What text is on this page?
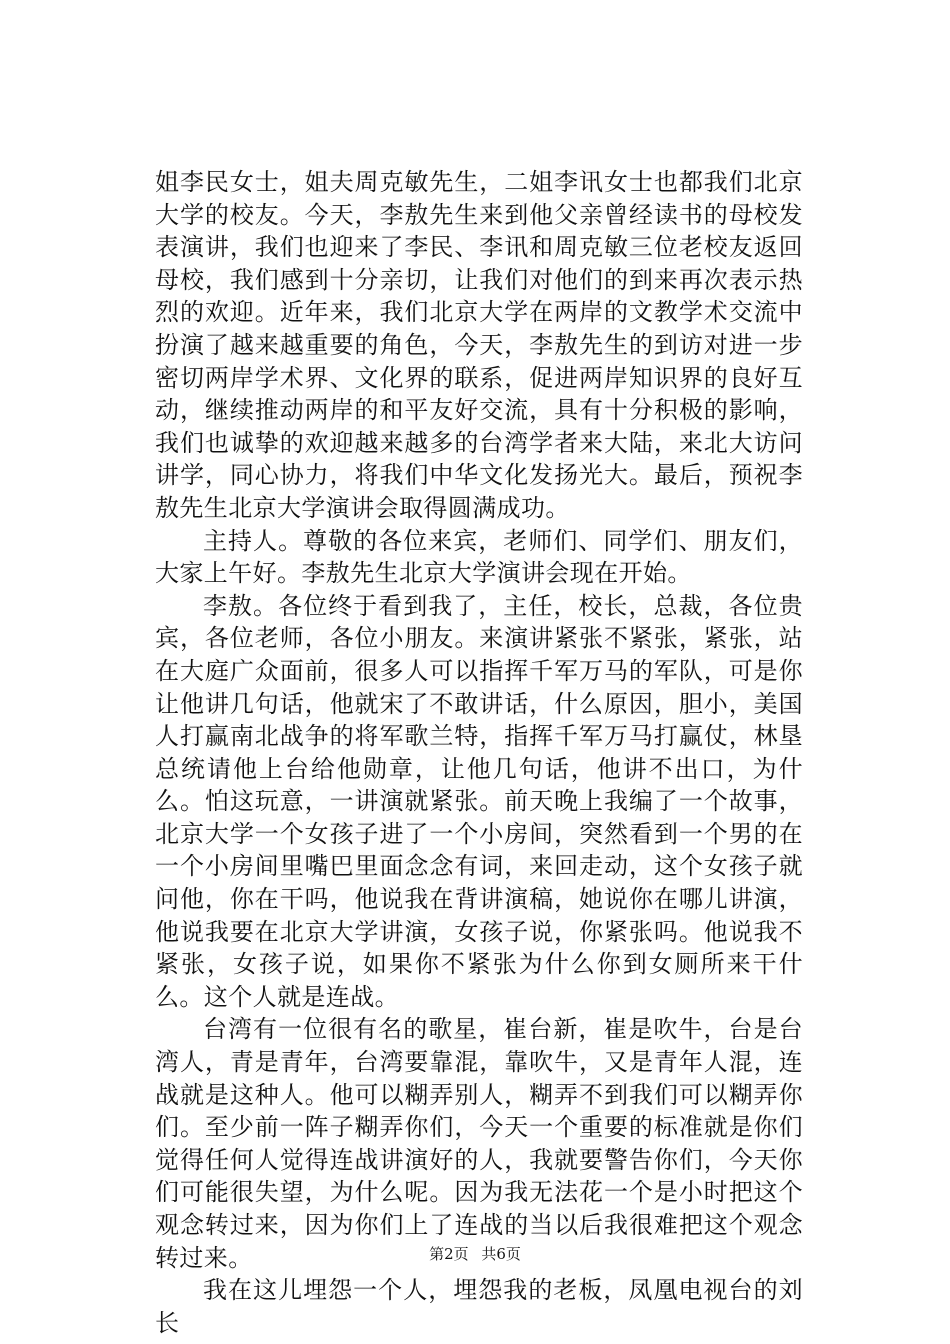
姐李民女士，姐夫周克敏先生，二姐李讯女士也都我们北京大学的校友。今天，李敖先生来到他父亲曾经读书的母校发表演讲，我们也迎来了李民、李讯和周克敏三位老校友返回母校，我们感到十分亲切，让我们对他们的到来再次表示热烈的欢迎。近年来，我们北京大学在两岸的文教学术交流中扮演了越来越重要的角色，今天，李敖先生的到访对进一步密切两岸学术界、文化界的联系，促进两岸知识界的良好互动，继续推动两岸的和平友好交流，具有十分积极的影响，我们也诚挚的欢迎越来越多的台湾学者来大陆，来北大访问讲学，同心协力，将我们中华文化发扬光大。最后，预祝李敖先生北京大学演讲会取得圆满成功。

主持人。尊敬的各位来宾，老师们、同学们、朋友们，大家上午好。李敖先生北京大学演讲会现在开始。

李敖。各位终于看到我了，主任，校长，总裁，各位贵宾，各位老师，各位小朋友。来演讲紧张不紧张，紧张，站在大庭广众面前，很多人可以指挥千军万马的军队，可是你让他讲几句话，他就宋了不敢讲话，什么原因，胆小，美国人打赢南北战争的将军歌兰特，指挥千军万马打赢仗，林垦总统请他上台给他勋章，让他几句话，他讲不出口，为什么。怕这玩意，一讲演就紧张。前天晚上我编了一个故事，北京大学一个女孩子进了一个小房间，突然看到一个男的在一个小房间里嘴巴里面念念有词，来回走动，这个女孩子就问他，你在干吗，他说我在背讲演稿，她说你在哪儿讲演，他说我要在北京大学讲演，女孩子说，你紧张吗。他说我不紧张，女孩子说，如果你不紧张为什么你到女厕所来干什么。这个人就是连战。

台湾有一位很有名的歌星，崔台新，崔是吹牛，台是台湾人，青是青年，台湾要靠混，靠吹牛，又是青年人混，连战就是这种人。他可以糊弄别人，糊弄不到我们可以糊弄你们。至少前一阵子糊弄你们，今天一个重要的标准就是你们觉得任何人觉得连战讲演好的人，我就要警告你们，今天你们可能很失望，为什么呢。因为我无法花一个是小时把这个观念转过来，因为你们上了连战的当以后我很难把这个观念转过来。

我在这儿埋怨一个人，埋怨我的老板，凤凰电视台的刘长

第2页 共6页
